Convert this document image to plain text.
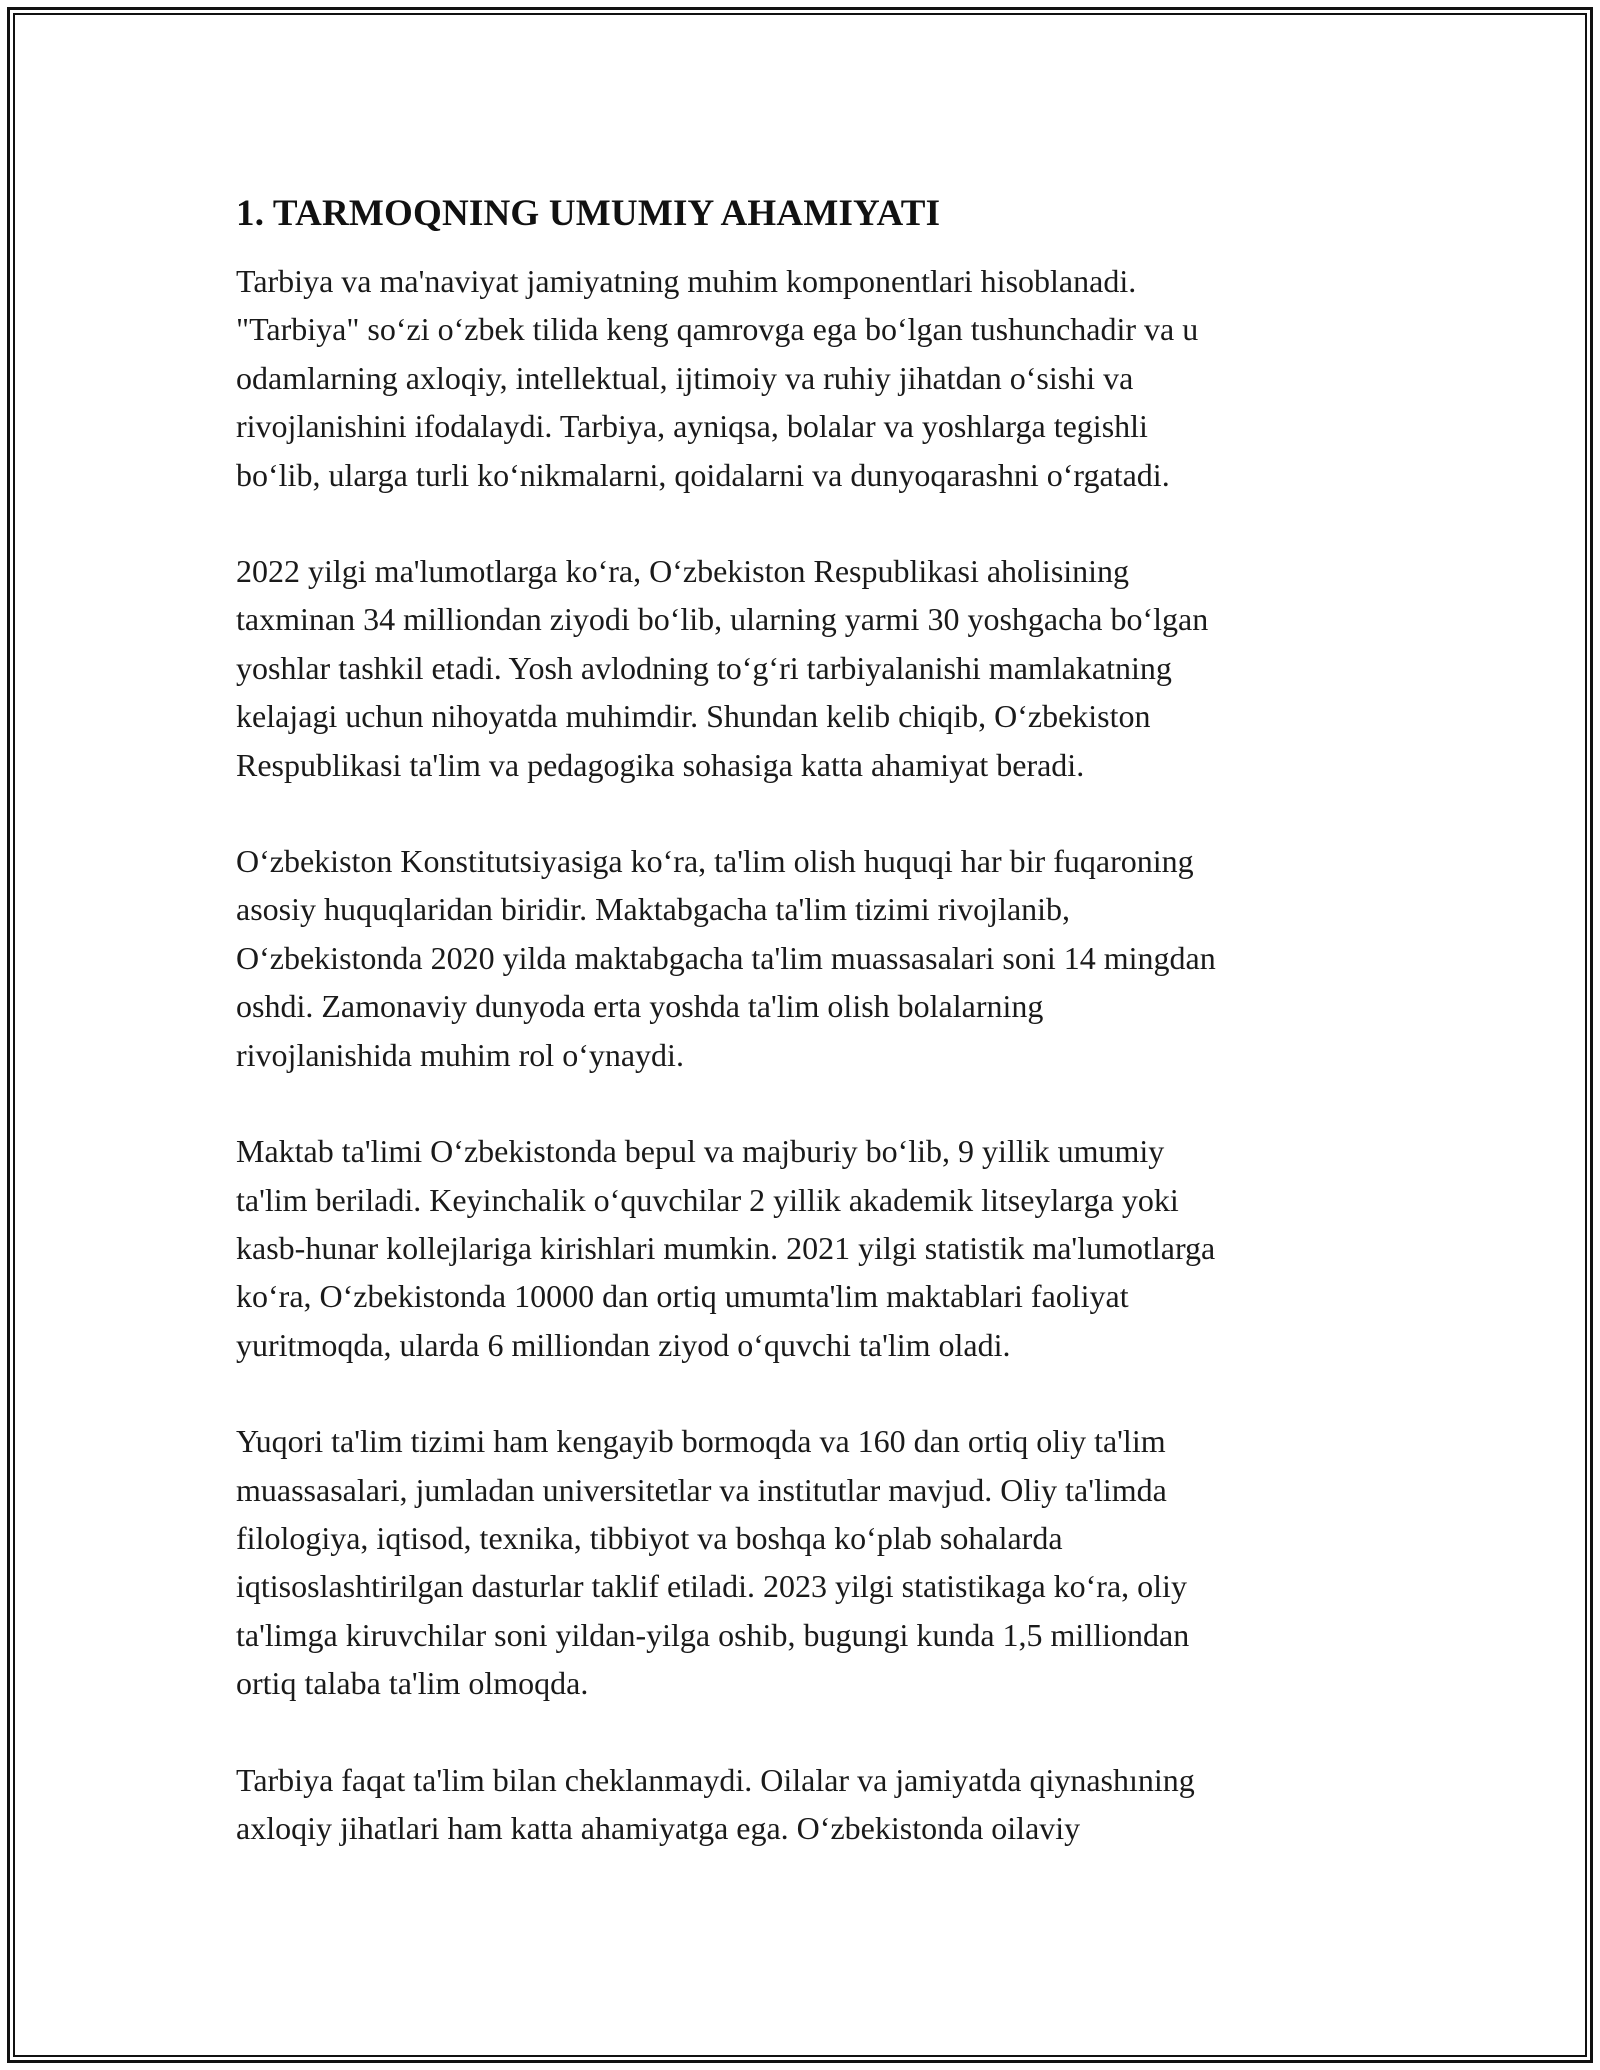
1. TARMOQNING UMUMIY AHAMIYATI

Tarbiya va ma'naviyat jamiyatning muhim komponentlari hisoblanadi.
"Tarbiya" so‘zi o‘zbek tilida keng qamrovga ega bo‘lgan tushunchadir va u
odamlarning axloqiy, intellektual, ijtimoiy va ruhiy jihatdan o‘sishi va
rivojlanishini ifodalaydi. Tarbiya, ayniqsa, bolalar va yoshlarga tegishli
bo‘lib, ularga turli ko‘nikmalarni, qoidalarni va dunyoqarashni o‘rgatadi.

2022 yilgi ma'lumotlarga ko‘ra, O‘zbekiston Respublikasi aholisining
taxminan 34 milliondan ziyodi bo‘lib, ularning yarmi 30 yoshgacha bo‘lgan
yoshlar tashkil etadi. Yosh avlodning to‘g‘ri tarbiyalanishi mamlakatning
kelajagi uchun nihoyatda muhimdir. Shundan kelib chiqib, O‘zbekiston
Respublikasi ta'lim va pedagogika sohasiga katta ahamiyat beradi.

O‘zbekiston Konstitutsiyasiga ko‘ra, ta'lim olish huquqi har bir fuqaroning
asosiy huquqlaridan biridir. Maktabgacha ta'lim tizimi rivojlanib,
O‘zbekistonda 2020 yilda maktabgacha ta'lim muassasalari soni 14 mingdan
oshdi. Zamonaviy dunyoda erta yoshda ta'lim olish bolalarning
rivojlanishida muhim rol o‘ynaydi.

Maktab ta'limi O‘zbekistonda bepul va majburiy bo‘lib, 9 yillik umumiy
ta'lim beriladi. Keyinchalik o‘quvchilar 2 yillik akademik litseylarga yoki
kasb-hunar kollejlariga kirishlari mumkin. 2021 yilgi statistik ma'lumotlarga
ko‘ra, O‘zbekistonda 10000 dan ortiq umumta'lim maktablari faoliyat
yuritmoqda, ularda 6 milliondan ziyod o‘quvchi ta'lim oladi.

Yuqori ta'lim tizimi ham kengayib bormoqda va 160 dan ortiq oliy ta'lim
muassasalari, jumladan universitetlar va institutlar mavjud. Oliy ta'limda
filologiya, iqtisod, texnika, tibbiyot va boshqa ko‘plab sohalarda
iqtisoslashtirilgan dasturlar taklif etiladi. 2023 yilgi statistikaga ko‘ra, oliy
ta'limga kiruvchilar soni yildan-yilga oshib, bugungi kunda 1,5 milliondan
ortiq talaba ta'lim olmoqda.

Tarbiya faqat ta'lim bilan cheklanmaydi. Oilalar va jamiyatda qiynashıning
axloqiy jihatlari ham katta ahamiyatga ega. O‘zbekistonda oilaviy
